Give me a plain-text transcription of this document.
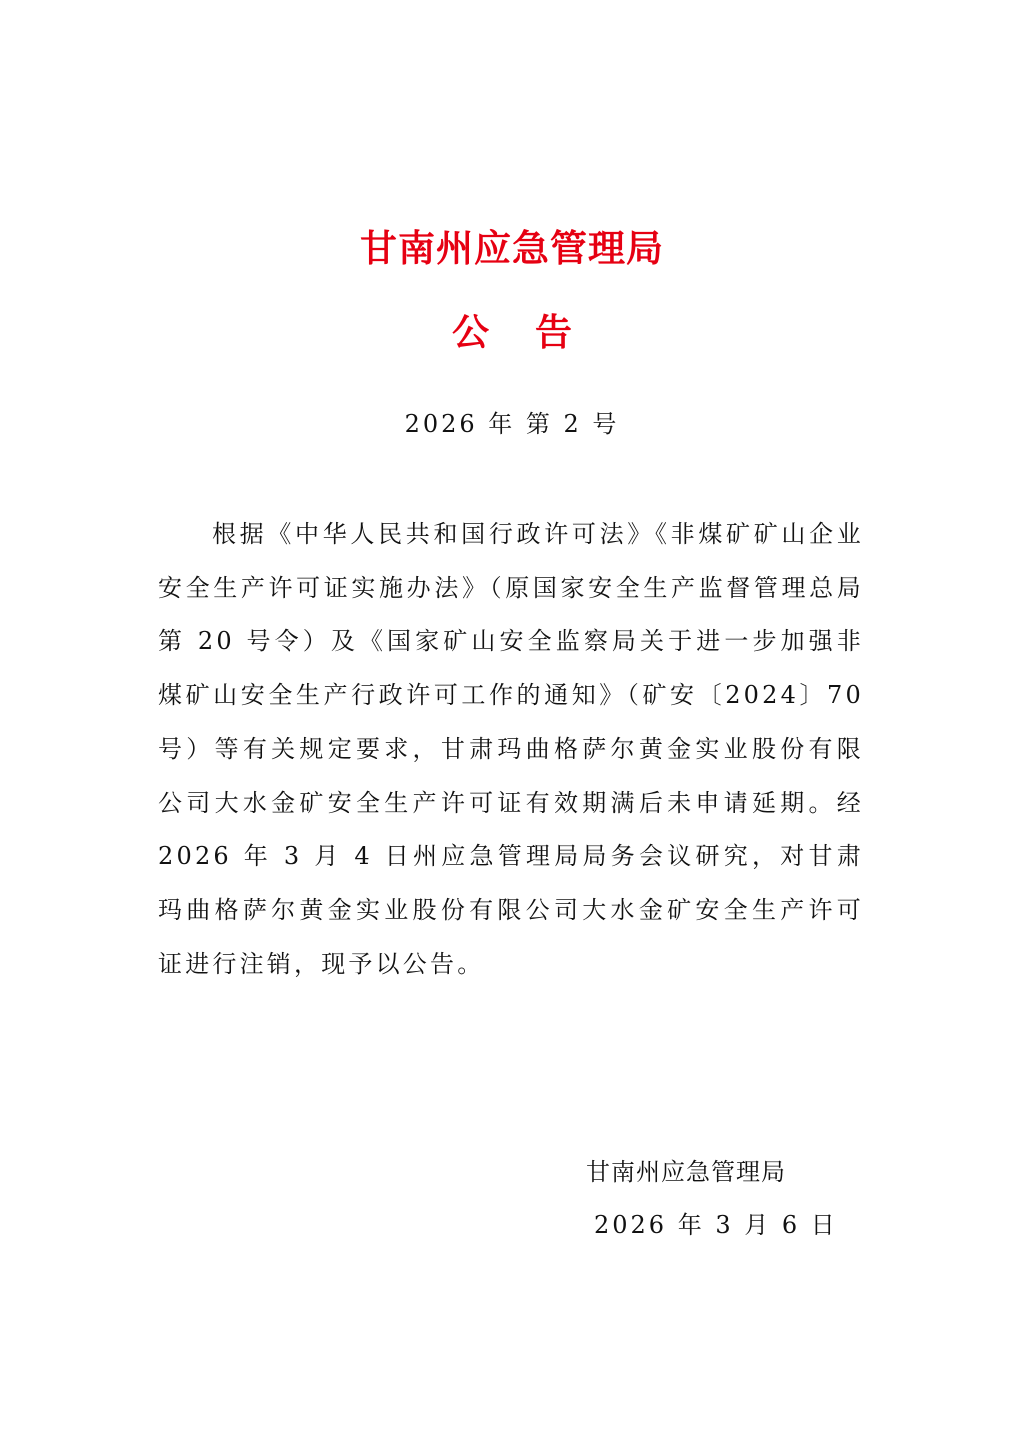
甘南州应急管理局
公告
2026 年 第 2 号

根据《中华人民共和国行政许可法》《非煤矿矿山企业安全生产许可证实施办法》（原国家安全生产监督管理总局第 20 号令）及《国家矿山安全监察局关于进一步加强非煤矿山安全生产行政许可工作的通知》（矿安〔2024〕70 号）等有关规定要求，甘肃玛曲格萨尔黄金实业股份有限公司大水金矿安全生产许可证有效期满后未申请延期。经 2026 年 3 月 4 日州应急管理局局务会议研究，对甘肃玛曲格萨尔黄金实业股份有限公司大水金矿安全生产许可证进行注销，现予以公告。

甘南州应急管理局
2026 年 3 月 6 日
